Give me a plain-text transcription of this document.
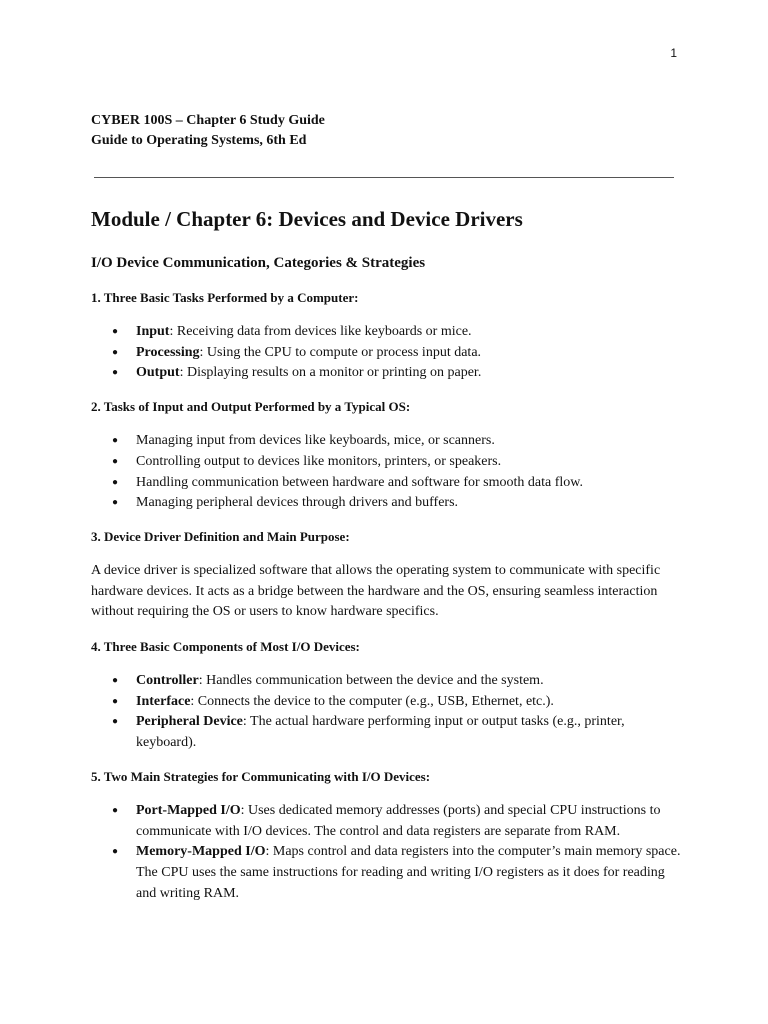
1
CYBER 100S – Chapter 6 Study Guide
Guide to Operating Systems, 6th Ed
Module / Chapter 6: Devices and Device Drivers
I/O Device Communication, Categories & Strategies
1. Three Basic Tasks Performed by a Computer:
● Input: Receiving data from devices like keyboards or mice.
● Processing: Using the CPU to compute or process input data.
● Output: Displaying results on a monitor or printing on paper.
2. Tasks of Input and Output Performed by a Typical OS:
● Managing input from devices like keyboards, mice, or scanners.
● Controlling output to devices like monitors, printers, or speakers.
● Handling communication between hardware and software for smooth data flow.
● Managing peripheral devices through drivers and buffers.
3. Device Driver Definition and Main Purpose:

A device driver is specialized software that allows the operating system to communicate with specific hardware devices. It acts as a bridge between the hardware and the OS, ensuring seamless interaction without requiring the OS or users to know hardware specifics.

4. Three Basic Components of Most I/O Devices:
● Controller: Handles communication between the device and the system.
● Interface: Connects the device to the computer (e.g., USB, Ethernet, etc.).
● Peripheral Device: The actual hardware performing input or output tasks (e.g., printer, keyboard).
5. Two Main Strategies for Communicating with I/O Devices:
● Port-Mapped I/O: Uses dedicated memory addresses (ports) and special CPU instructions to communicate with I/O devices. The control and data registers are separate from RAM.
● Memory-Mapped I/O: Maps control and data registers into the computer’s main memory space. The CPU uses the same instructions for reading and writing I/O registers as it does for reading and writing RAM.
